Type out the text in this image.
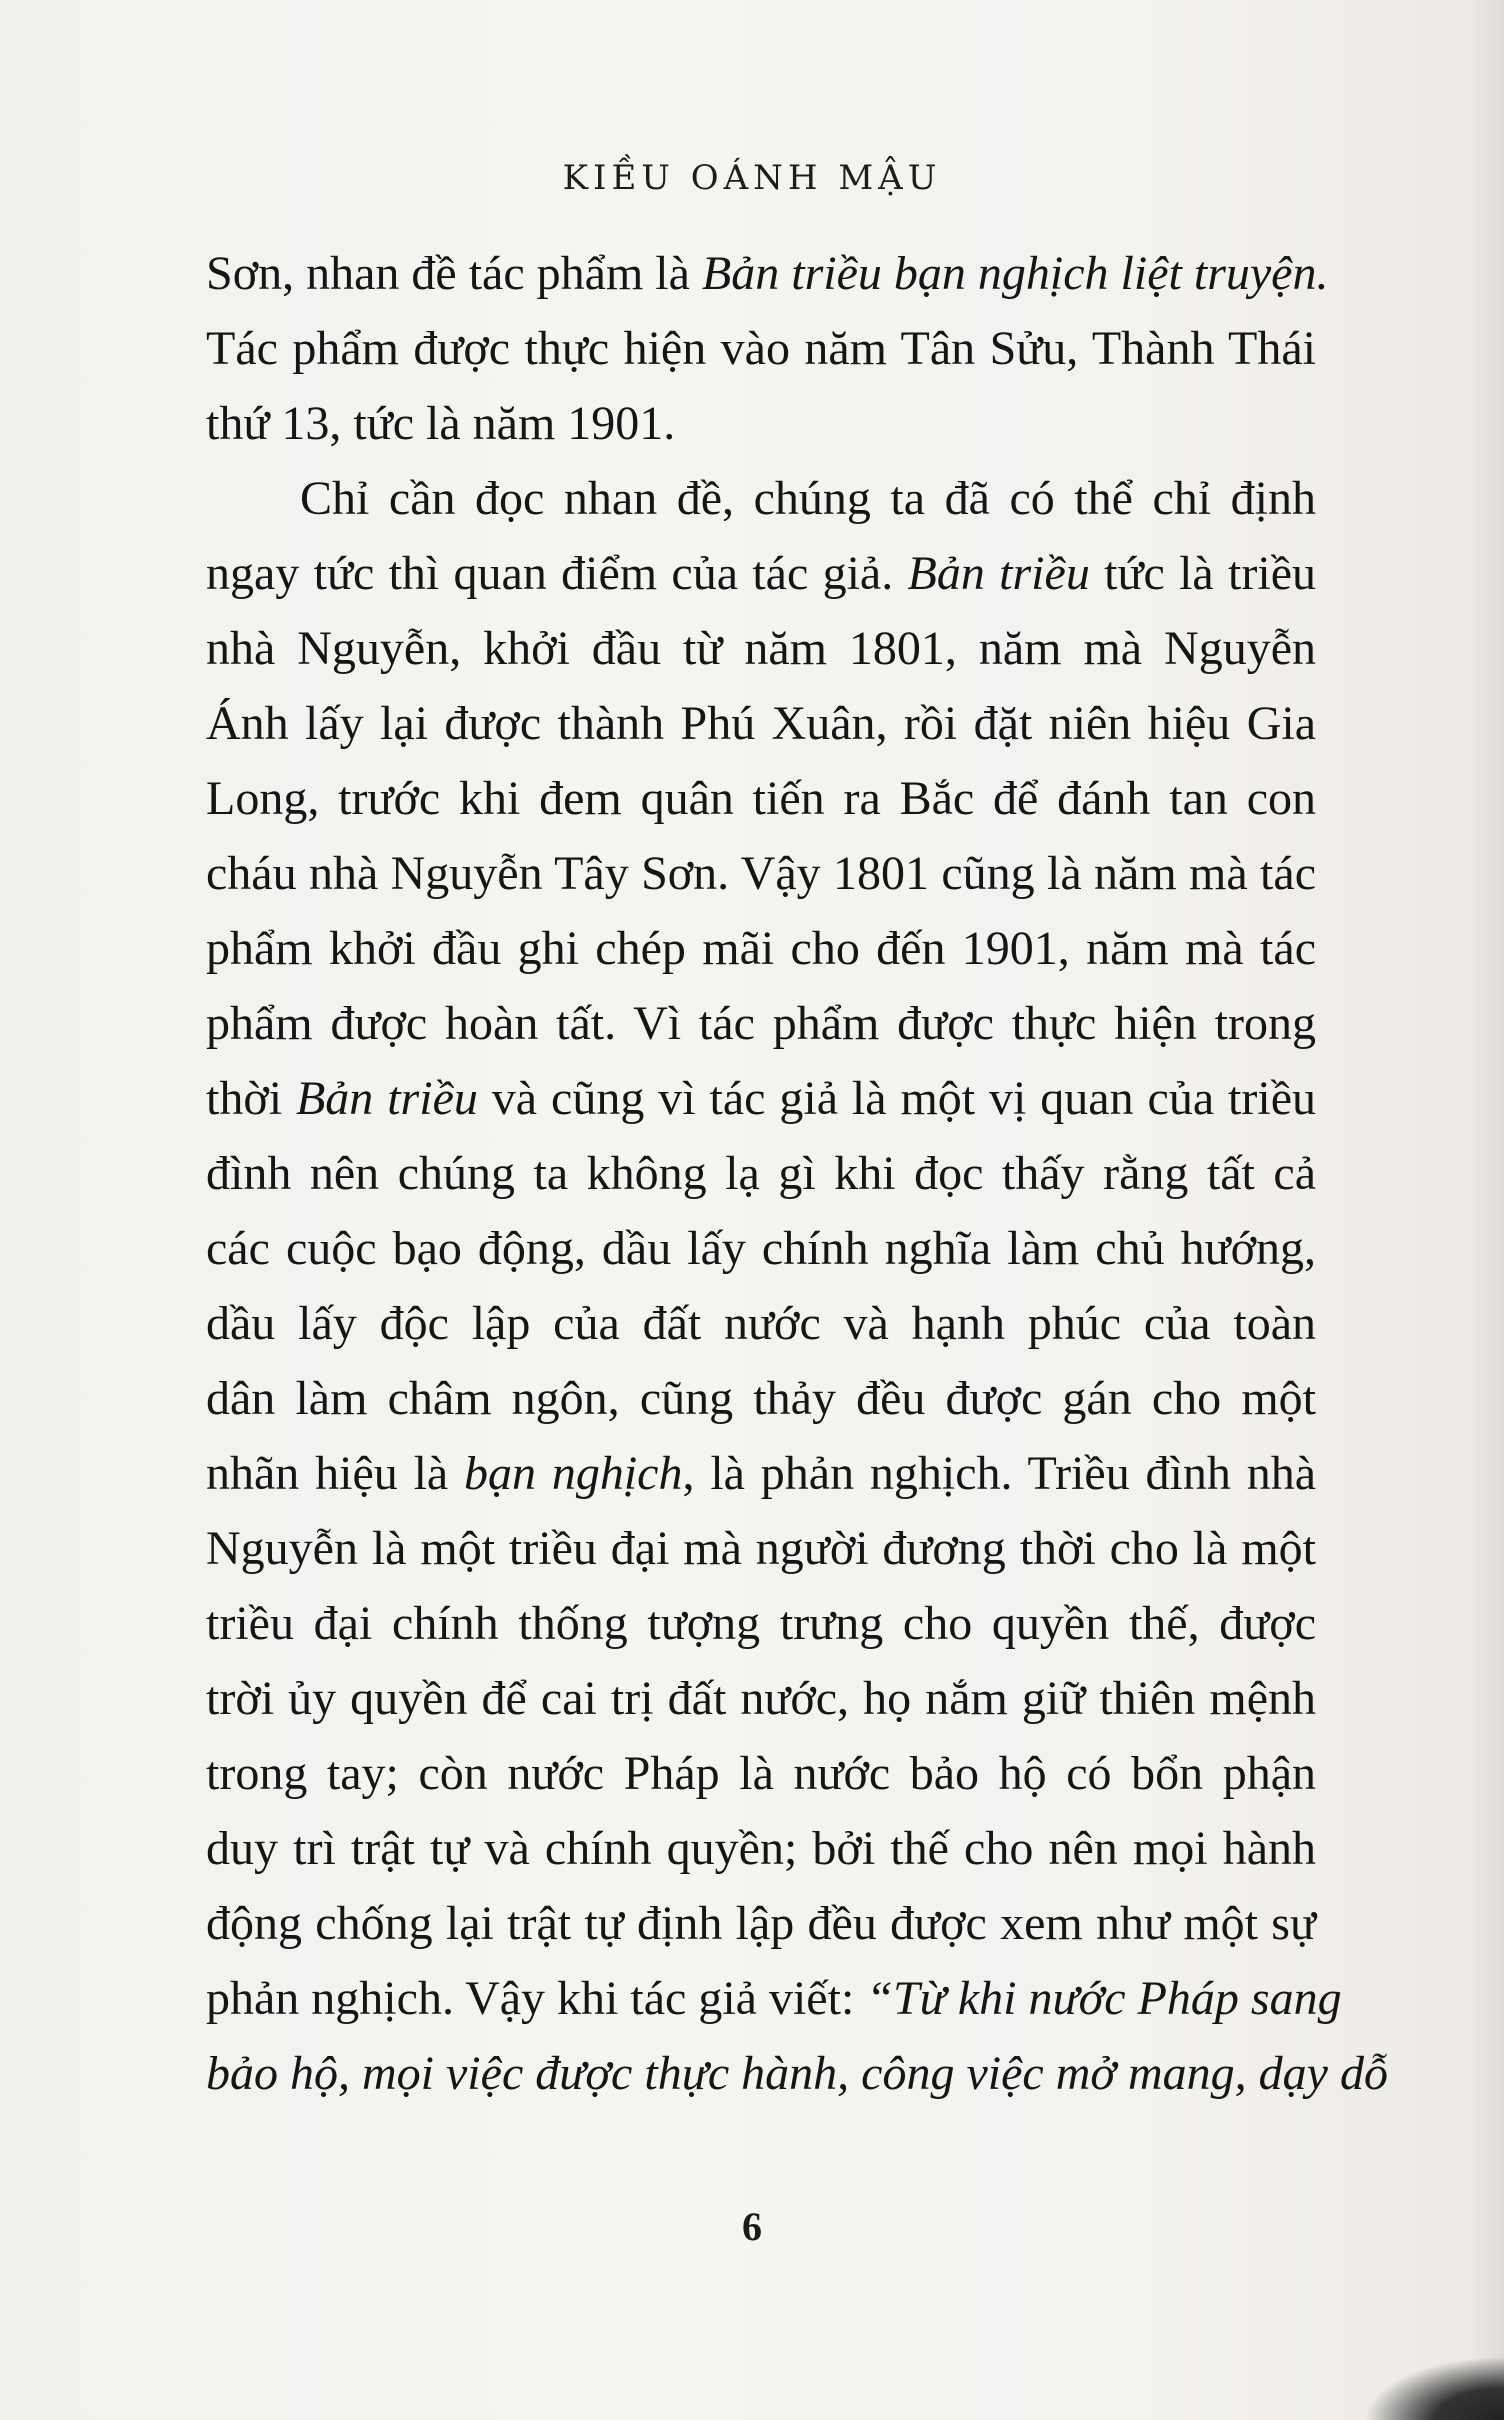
KIỀU OÁNH MẬU
Sơn, nhan đề tác phẩm là Bản triều bạn nghịch liệt truyện.
Tác phẩm được thực hiện vào năm Tân Sửu, Thành Thái
thứ 13, tức là năm 1901.
Chỉ cần đọc nhan đề, chúng ta đã có thể chỉ định
ngay tức thì quan điểm của tác giả. Bản triều tức là triều
nhà Nguyễn, khởi đầu từ năm 1801, năm mà Nguyễn
Ánh lấy lại được thành Phú Xuân, rồi đặt niên hiệu Gia
Long, trước khi đem quân tiến ra Bắc để đánh tan con
cháu nhà Nguyễn Tây Sơn. Vậy 1801 cũng là năm mà tác
phẩm khởi đầu ghi chép mãi cho đến 1901, năm mà tác
phẩm được hoàn tất. Vì tác phẩm được thực hiện trong
thời Bản triều và cũng vì tác giả là một vị quan của triều
đình nên chúng ta không lạ gì khi đọc thấy rằng tất cả
các cuộc bạo động, dầu lấy chính nghĩa làm chủ hướng,
dầu lấy độc lập của đất nước và hạnh phúc của toàn
dân làm châm ngôn, cũng thảy đều được gán cho một
nhãn hiệu là bạn nghịch, là phản nghịch. Triều đình nhà
Nguyễn là một triều đại mà người đương thời cho là một
triều đại chính thống tượng trưng cho quyền thế, được
trời ủy quyền để cai trị đất nước, họ nắm giữ thiên mệnh
trong tay; còn nước Pháp là nước bảo hộ có bổn phận
duy trì trật tự và chính quyền; bởi thế cho nên mọi hành
động chống lại trật tự định lập đều được xem như một sự
phản nghịch. Vậy khi tác giả viết: “Từ khi nước Pháp sang
bảo hộ, mọi việc được thực hành, công việc mở mang, dạy dỗ
6
